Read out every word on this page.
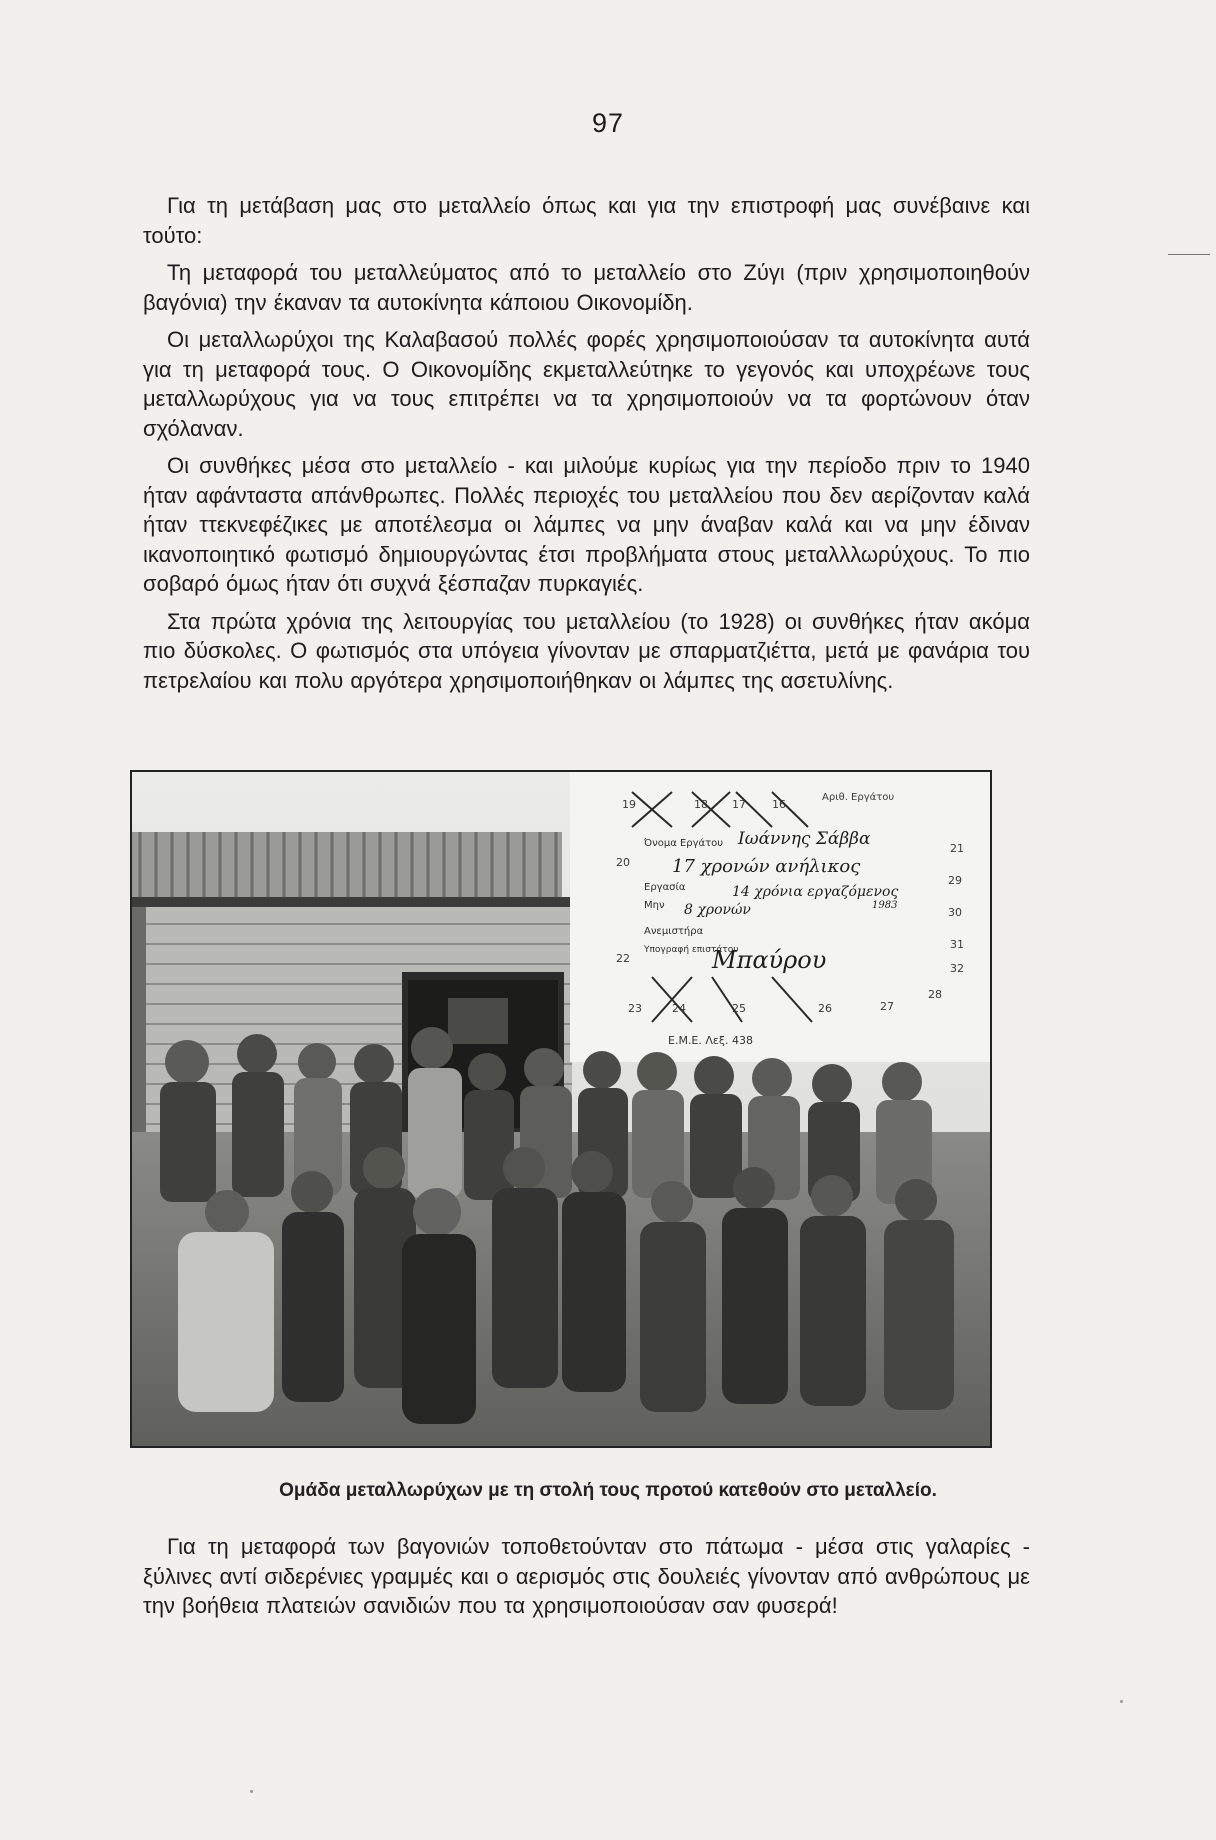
97

Για τη μετάβαση μας στο μεταλλείο όπως και για την επιστροφή μας συνέβαινε και τούτο:

Τη μεταφορά του μεταλλεύματος από το μεταλλείο στο Ζύγι (πριν χρησιμοποιηθούν βαγόνια) την έκαναν τα αυτοκίνητα κάποιου Οικονομίδη.

Οι μεταλλωρύχοι της Καλαβασού πολλές φορές χρησιμοποιούσαν τα αυτοκίνητα αυτά για τη μεταφορά τους. Ο Οικονομίδης εκμεταλλεύτηκε το γεγονός και υποχρέωνε τους μεταλλωρύχους για να τους επιτρέπει να τα χρησιμοποιούν να τα φορτώνουν όταν σχόλαναν.

Οι συνθήκες μέσα στο μεταλλείο - και μιλούμε κυρίως για την περίοδο πριν το 1940 ήταν αφάνταστα απάνθρωπες. Πολλές περιοχές του μεταλλείου που δεν αερίζονταν καλά ήταν ττεκνεφέζικες με αποτέλεσμα οι λάμπες να μην άναβαν καλά και να μην έδιναν ικανοποιητικό φωτισμό δημιουργώντας έτσι προβλήματα στους μεταλλλωρύχους. Το πιο σοβαρό όμως ήταν ότι συχνά ξέσπαζαν πυρκαγιές.

Στα πρώτα χρόνια της λειτουργίας του μεταλλείου (το 1928) οι συνθήκες ήταν ακόμα πιο δύσκολες. Ο φωτισμός στα υπόγεια γίνονταν με σπαρματζιέττα, μετά με φανάρια του πετρελαίου και πολυ αργότερα χρησιμοποιήθηκαν οι λάμπες της ασετυλίνης.

Αριθ. Εργάτου
19	18 17 16
20
21
22
23	24	25	26	27
28
29
30
31
32
Όνομα Εργάτου
Εργασία
Μην
Ανεμιστήρα
Υπογραφή επιστάτου
Ιωάννης Σάββα
17 χρονών ανήλικος
14 χρόνια εργαζόμενος
8 χρονών	1983
Μπαύρου
Ε.Μ.Ε. Λεξ. 438
Ομάδα μεταλλωρύχων με τη στολή τους προτού κατεθούν στο μεταλλείο.

Για τη μεταφορά των βαγονιών τοποθετούνταν στο πάτωμα - μέσα στις γαλαρίες - ξύλινες αντί σιδερένιες γραμμές και ο αερισμός στις δουλειές γίνονταν από ανθρώπους με την βοήθεια πλατειών σανιδιών που τα χρησιμοποιούσαν σαν φυσερά!
